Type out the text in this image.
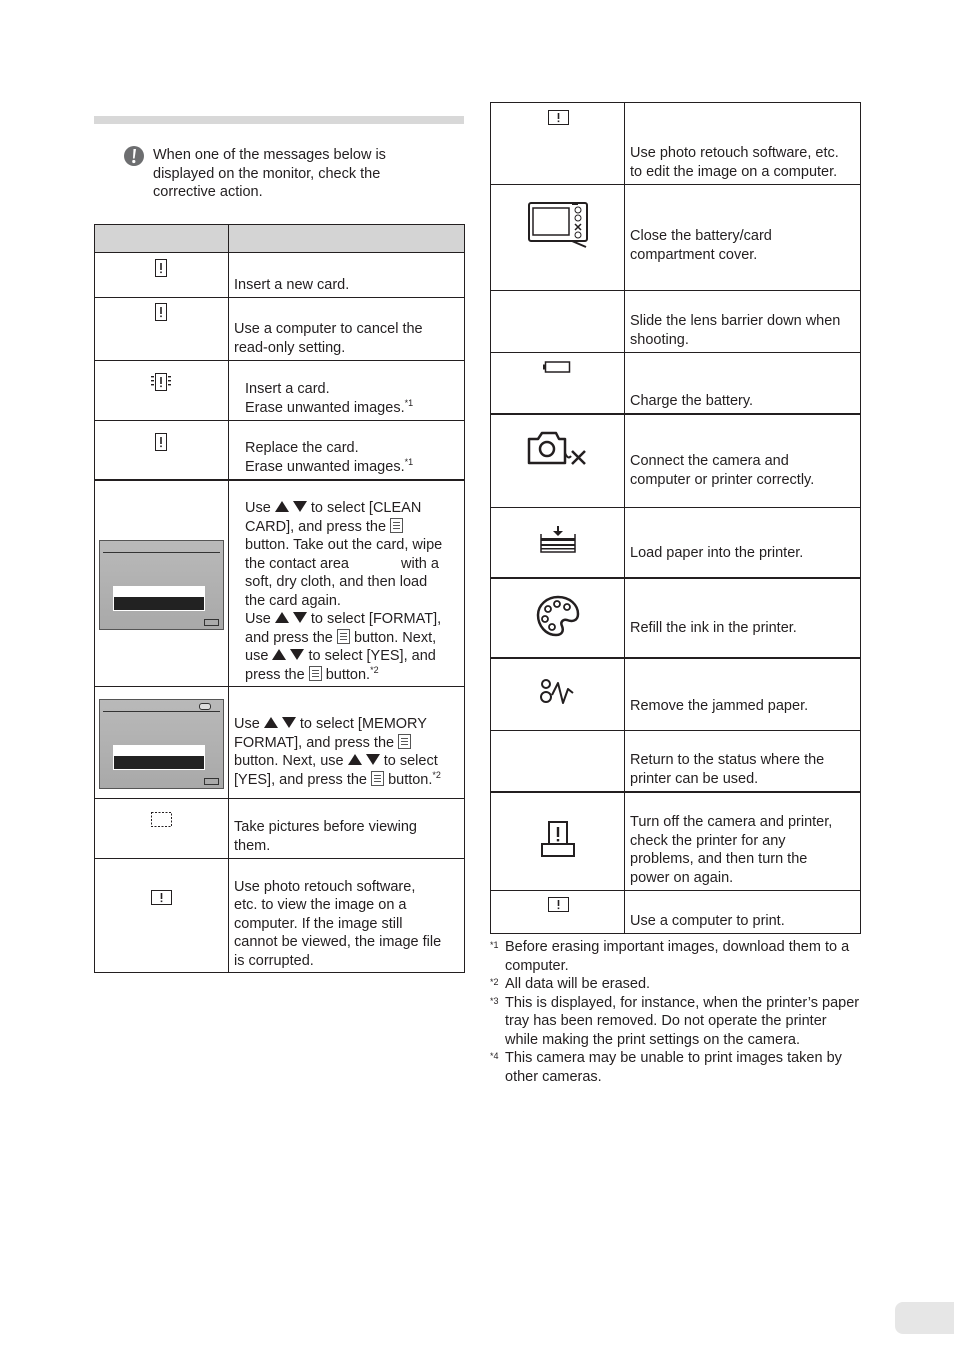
When one of the messages below is displayed on the monitor, check the corrective action.
Insert a new card.
Use a computer to cancel the
read-only setting.
Insert a card.
Erase unwanted images.$^{*1}$
Replace the card.
Erase unwanted images.$^{*1}$
Use	to select [CLEAN
CARD], and press the
button. Take out the card, wipe
the contact area	with a
soft, dry cloth, and then load
the card again.
Use	to select [FORMAT],
and press the button. Next,
use	to select [YES], and
press the button.$^{*2}$
Use	to select [MEMORY
FORMAT], and press the
button. Next, use	to select
[YES], and press the button.$^{*2}$
Take pictures before viewing
them.
Use photo retouch software,
etc. to view the image on a
computer. If the image still
cannot be viewed, the image file
is corrupted.
Use photo retouch software, etc.
to edit the image on a computer.
Close the battery/card
compartment cover.
Slide the lens barrier down when
shooting.
Charge the battery.
Connect the camera and
computer or printer correctly.
Load paper into the printer.
Refill the ink in the printer.
Remove the jammed paper.
Return to the status where the
printer can be used.
Turn off the camera and printer,
check the printer for any
problems, and then turn the
power on again.
Use a computer to print.
*1 Before erasing important images, download them to a computer.
*2 All data will be erased.
*3 This is displayed, for instance, when the printer’s paper tray has been removed. Do not operate the printer while making the print settings on the camera.
*4 This camera may be unable to print images taken by other cameras.
